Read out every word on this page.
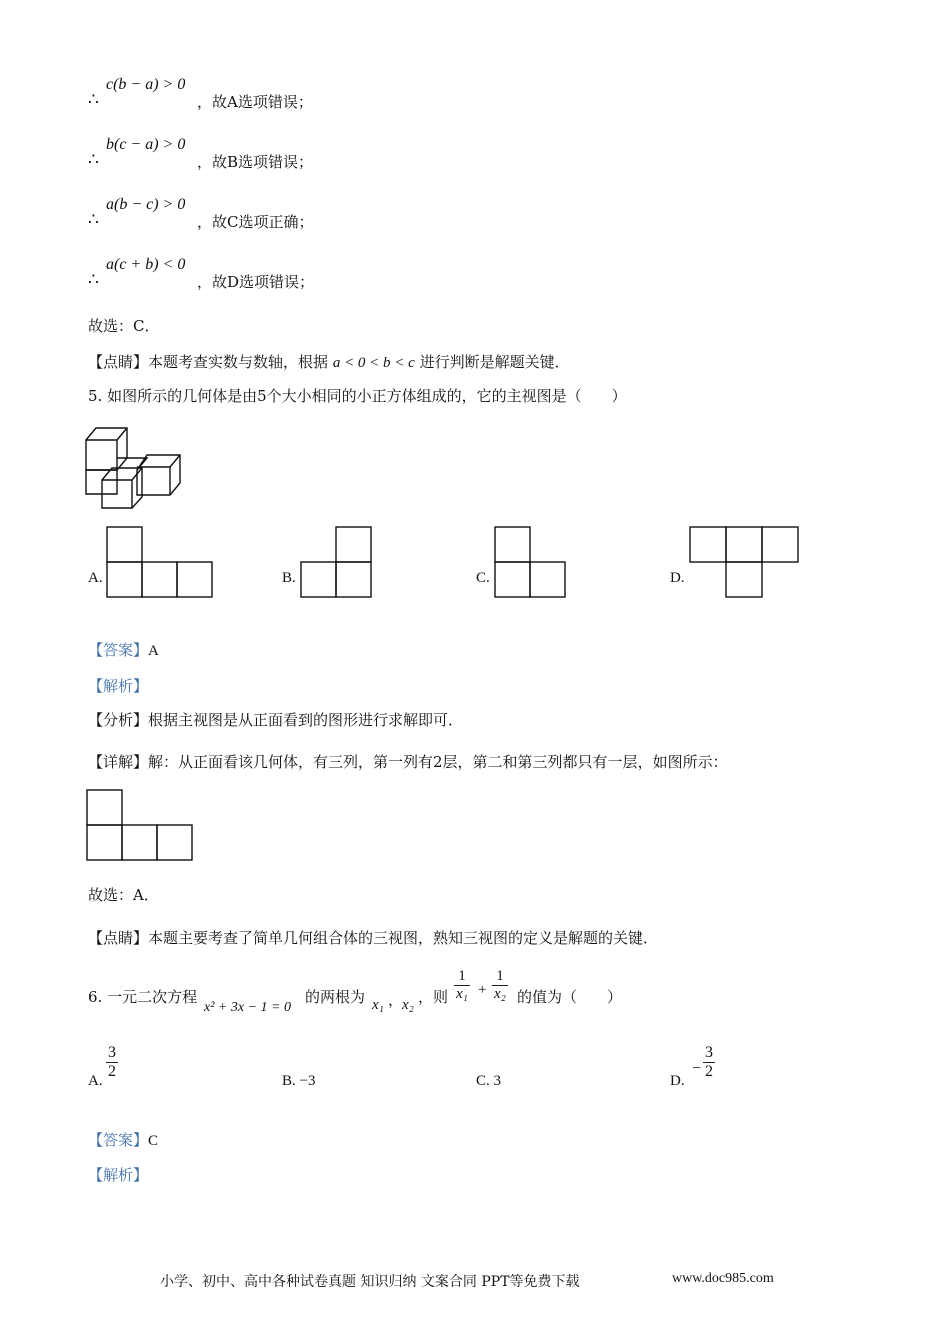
∴
c(b − a) > 0
，故A选项错误；
∴
b(c − a) > 0
，故B选项错误；
∴
a(b − c) > 0
，故C选项正确；
∴
a(c + b) < 0
，故D选项错误；
故选：C．
【点睛】本题考查实数与数轴，根据 a < 0 < b < c 进行判断是解题关键．
5. 如图所示的几何体是由5个大小相同的小正方体组成的，它的主视图是（　　）
A.	B.	C.	D.
【答案】A
【解析】
【分析】根据主视图是从正面看到的图形进行求解即可．
【详解】解：从正面看该几何体，有三列，第一列有2层，第二和第三列都只有一层，如图所示：
故选：A．
【点睛】本题主要考查了简单几何组合体的三视图，熟知三视图的定义是解题的关键．
6. 一元二次方程
x² + 3x − 1 = 0
的两根为 x₁ ，
x₂ ，则 $\frac{1}{\text{x₁}} + \frac{1}{\text{x₂}}$ 的值为（　　）
A. $\frac{3}{2}$	B. −3	C. 3	D.
− $\frac{3}{2}$
【答案】C
【解析】
小学、初中、高中各种试卷真题 知识归纳 文案合同 PPT等免费下载	www.doc985.com
